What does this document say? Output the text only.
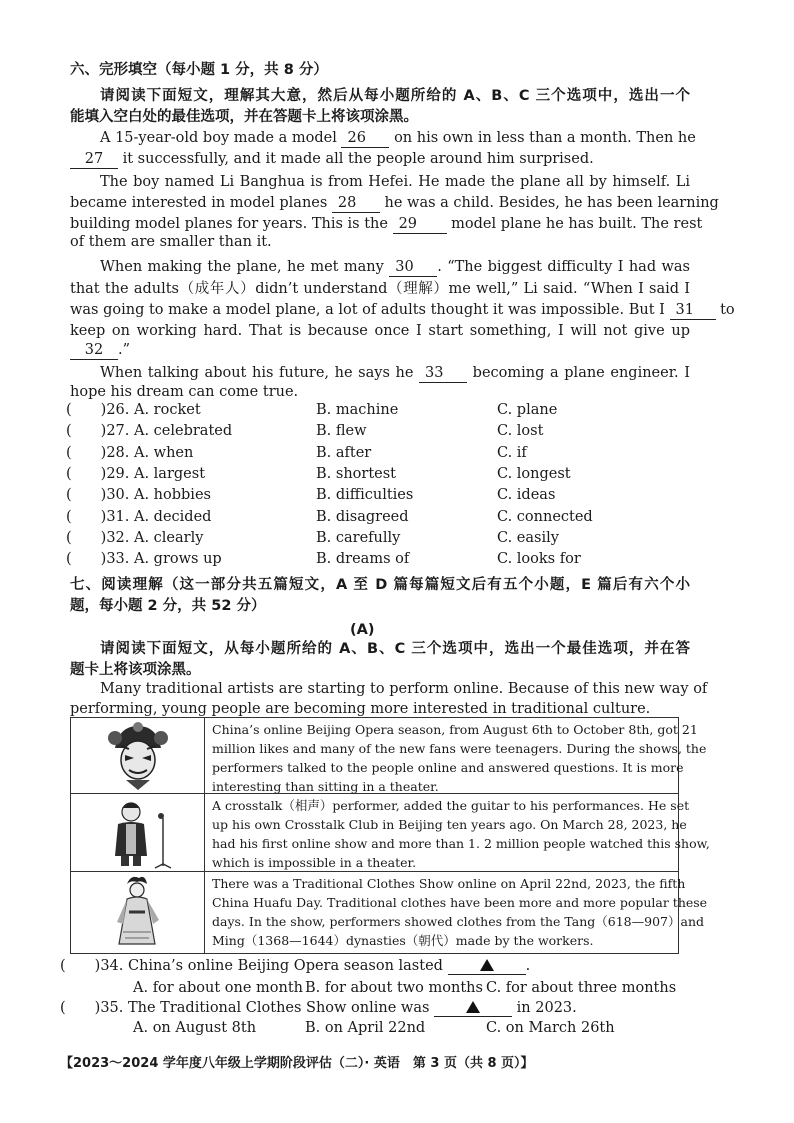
六、完形填空（每小题 1 分，共 8 分）
请阅读下面短文，理解其大意，然后从每小题所给的 A、B、C 三个选项中，选出一个
能填入空白处的最佳选项，并在答题卡上将该项涂黑。
A 15-year-old boy made a model 26 on his own in less than a month. Then he
27 it successfully, and it made all the people around him surprised.
The boy named Li Banghua is from Hefei. He made the plane all by himself. Li
became interested in model planes 28 he was a child. Besides, he has been learning
building model planes for years. This is the 29 model plane he has built. The rest
of them are smaller than it.
When making the plane, he met many 30 . “The biggest difficulty I had was
that the adults（成年人）didn’t understand（理解）me well,” Li said. “When I said I
was going to make a model plane, a lot of adults thought it was impossible. But I 31 to
keep on working hard. That is because once I start something, I will not give up
32 .”
When talking about his future, he says he 33 becoming a plane engineer. I
hope his dream can come true.
(　　)26. A. rocket	B. machine	C. plane
(　　)27. A. celebrated	B. flew	C. lost
(　　)28. A. when	B. after	C. if
(　　)29. A. largest	B. shortest	C. longest
(　　)30. A. hobbies	B. difficulties	C. ideas
(　　)31. A. decided	B. disagreed	C. connected
(　　)32. A. clearly	B. carefully	C. easily
(　　)33. A. grows up	B. dreams of	C. looks for
七、阅读理解（这一部分共五篇短文，A 至 D 篇每篇短文后有五个小题，E 篇后有六个小
题，每小题 2 分，共 52 分）
(A)
请阅读下面短文，从每小题所给的 A、B、C 三个选项中，选出一个最佳选项，并在答
题卡上将该项涂黑。
Many traditional artists are starting to perform online. Because of this new way of
performing, young people are becoming more interested in traditional culture.
China’s online Beijing Opera season, from August 6th to October 8th, got 21
million likes and many of the new fans were teenagers. During the shows, the
performers talked to the people online and answered questions. It is more
interesting than sitting in a theater.
A crosstalk（相声）performer, added the guitar to his performances. He set
up his own Crosstalk Club in Beijing ten years ago. On March 28, 2023, he
had his first online show and more than 1. 2 million people watched this show,
which is impossible in a theater.
There was a Traditional Clothes Show online on April 22nd, 2023, the fifth
China Huafu Day. Traditional clothes have been more and more popular these
days. In the show, performers showed clothes from the Tang（618—907）and
Ming（1368—1644）dynasties（朝代）made by the workers.
(　　)34. China’s online Beijing Opera season lasted	.
A. for about one month B. for about two months C. for about three months
(　　)35. The Traditional Clothes Show online was	in 2023.
A. on August 8th	B. on April 22nd	C. on March 26th
【2023～2024 学年度八年级上学期阶段评估（二）· 英语　第 3 页（共 8 页）】
